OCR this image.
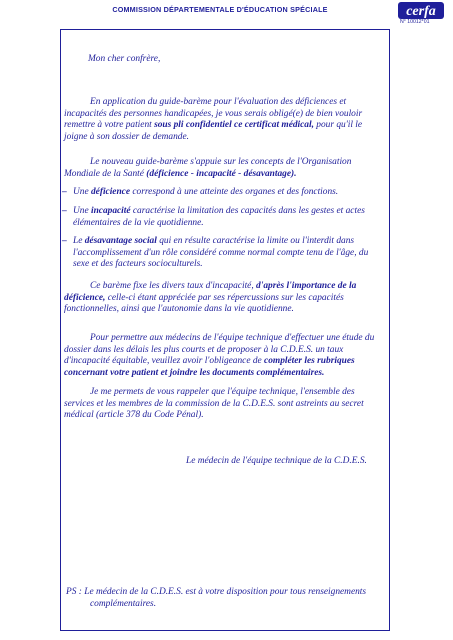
COMMISSION DÉPARTEMENTALE D'ÉDUCATION SPÉCIALE	cerfa
N° 10012*01

Mon cher confrère,

En application du guide-barème pour l'évaluation des déficiences et incapacités des personnes handicapées, je vous serais obligé(e) de bien vouloir remettre à votre patient sous pli confidentiel ce certificat médical, pour qu'il le joigne à son dossier de demande.

Le nouveau guide-barème s'appuie sur les concepts de l'Organisation Mondiale de la Santé (déficience - incapacité - désavantage).

– Une déficience correspond à une atteinte des organes et des fonctions.
– Une incapacité caractérise la limitation des capacités dans les gestes et actes élémentaires de la vie quotidienne.
– Le désavantage social qui en résulte caractérise la limite ou l'interdit dans l'accomplissement d'un rôle considéré comme normal compte tenu de l'âge, du sexe et des facteurs socioculturels.

Ce barème fixe les divers taux d'incapacité, d'après l'importance de la déficience, celle-ci étant appréciée par ses répercussions sur les capacités fonctionnelles, ainsi que l'autonomie dans la vie quotidienne.

Pour permettre aux médecins de l'équipe technique d'effectuer une étude du dossier dans les délais les plus courts et de proposer à la C.D.E.S. un taux d'incapacité équitable, veuillez avoir l'obligeance de compléter les rubriques concernant votre patient et joindre les documents complémentaires.

Je me permets de vous rappeler que l'équipe technique, l'ensemble des services et les membres de la commission de la C.D.E.S. sont astreints au secret médical (article 378 du Code Pénal).

Le médecin de l'équipe technique de la C.D.E.S.

PS : Le médecin de la C.D.E.S. est à votre disposition pour tous renseignements complémentaires.
